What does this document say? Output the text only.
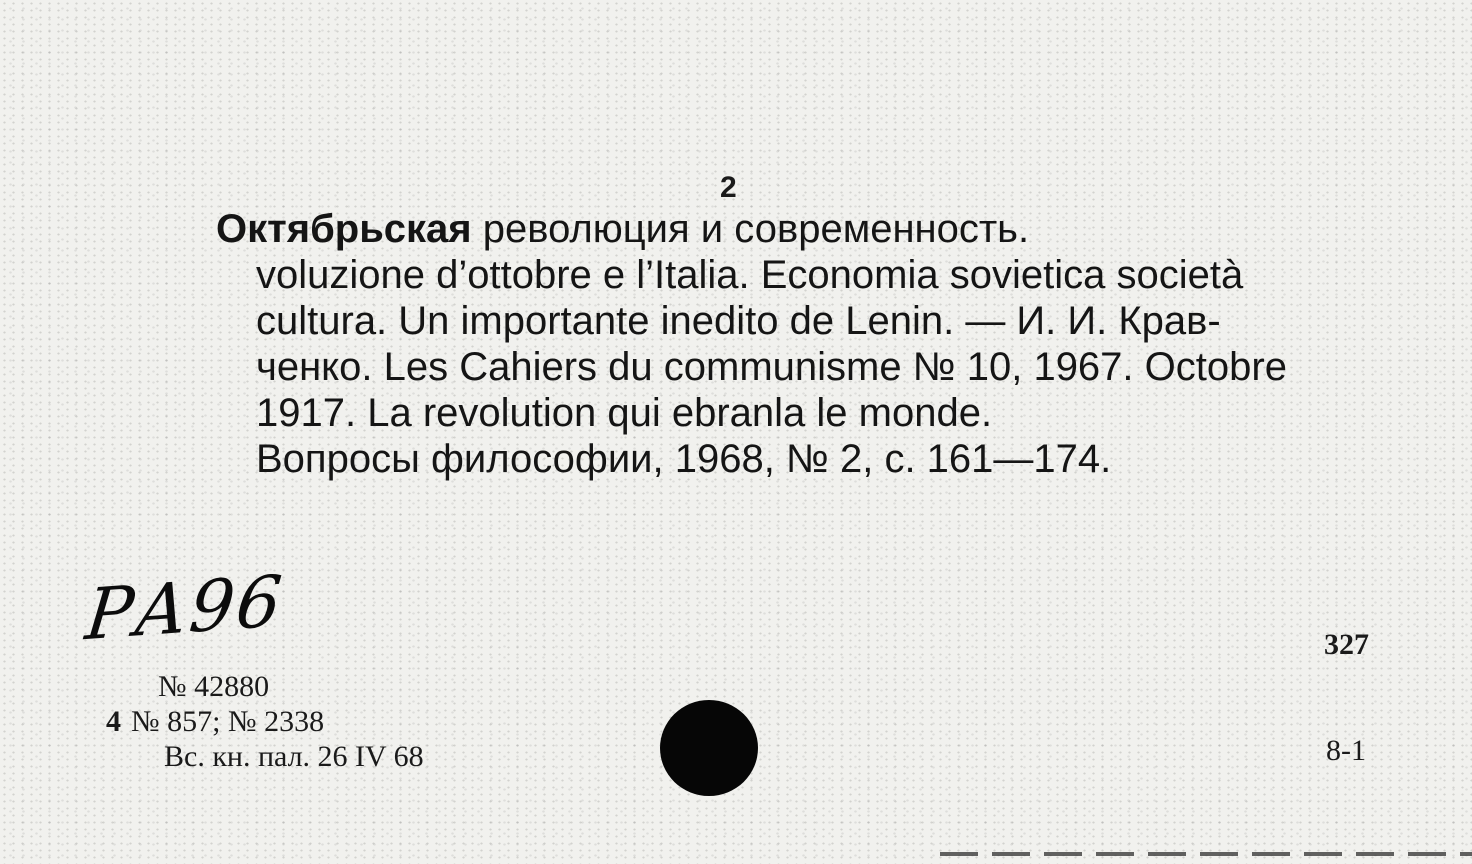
2
Октябрьская революция и современность.
voluzione d’ottobre e l’Italia. Economia sovietica società
cultura. Un importante inedito de Lenin. — И. И. Крав-
ченко. Les Cahiers du communisme № 10, 1967. Octobre
1917. La revolution qui ebranla le monde.
Вопросы философии, 1968, № 2, с. 161—174.
РА96
№ 42880
4 № 857; № 2338
Вс. кн. пал. 26 IV 68
327
8-1
